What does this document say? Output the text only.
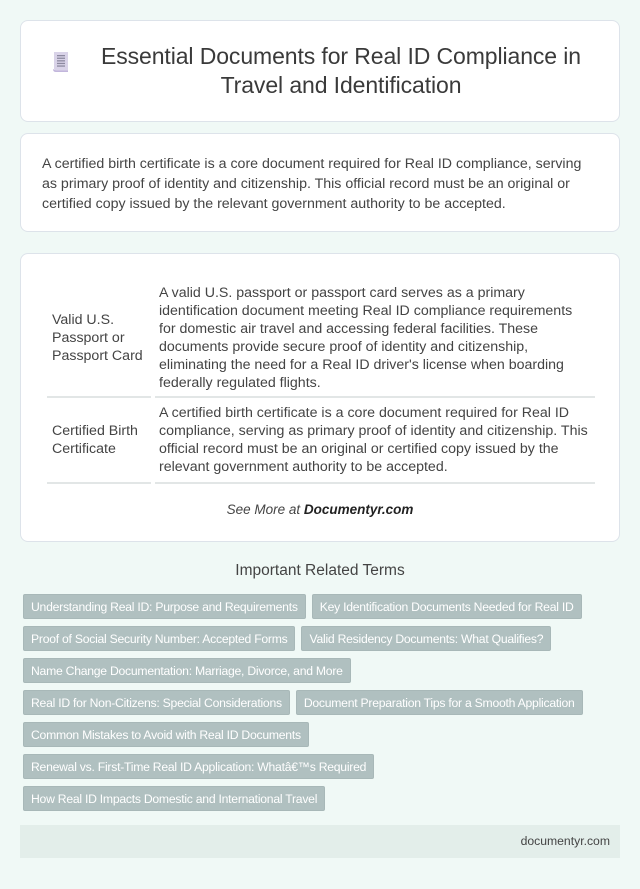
Essential Documents for Real ID Compliance in Travel and Identification

A certified birth certificate is a core document required for Real ID compliance, serving as primary proof of identity and citizenship. This official record must be an original or certified copy issued by the relevant government authority to be accepted.

Valid U.S. Passport or Passport Card	A valid U.S. passport or passport card serves as a primary identification document meeting Real ID compliance requirements for domestic air travel and accessing federal facilities. These documents provide secure proof of identity and citizenship, eliminating the need for a Real ID driver's license when boarding federally regulated flights.
Certified Birth Certificate	A certified birth certificate is a core document required for Real ID compliance, serving as primary proof of identity and citizenship. This official record must be an original or certified copy issued by the relevant government authority to be accepted.
See More at Documentyr.com
Important Related Terms
Understanding Real ID: Purpose and Requirements	Key Identification Documents Needed for Real ID
Proof of Social Security Number: Accepted Forms	Valid Residency Documents: What Qualifies?
Name Change Documentation: Marriage, Divorce, and More
Real ID for Non-Citizens: Special Considerations	Document Preparation Tips for a Smooth Application
Common Mistakes to Avoid with Real ID Documents
Renewal vs. First-Time Real ID Application: Whatâ€™s Required
How Real ID Impacts Domestic and International Travel
documentyr.com
